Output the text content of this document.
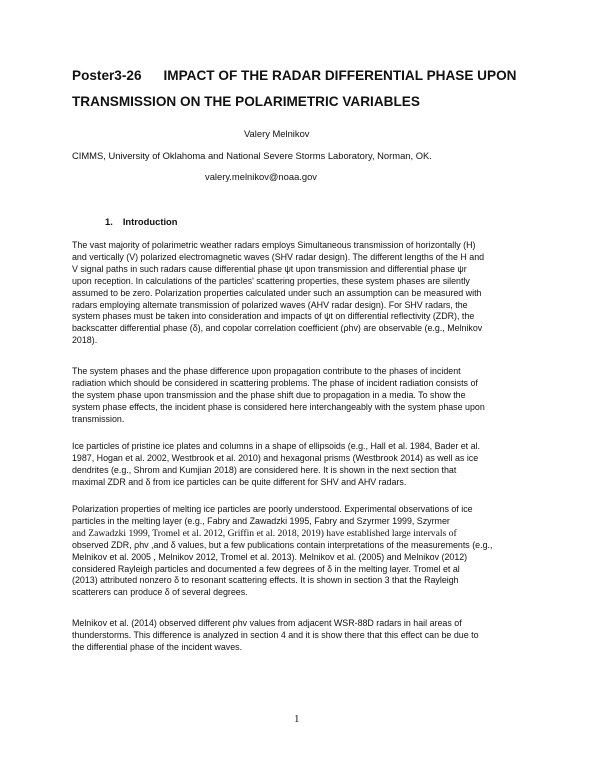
Poster3-26 IMPACT OF THE RADAR DIFFERENTIAL PHASE UPON
TRANSMISSION ON THE POLARIMETRIC VARIABLES
Valery Melnikov
CIMMS, University of Oklahoma and National Severe Storms Laboratory, Norman, OK.
valery.melnikov@noaa.gov
1. Introduction
The vast majority of polarimetric weather radars employs Simultaneous transmission of horizontally (H)
and vertically (V) polarized electromagnetic waves (SHV radar design). The different lengths of the H and
V signal paths in such radars cause differential phase ψt upon transmission and differential phase ψr
upon reception. In calculations of the particles' scattering properties, these system phases are silently
assumed to be zero. Polarization properties calculated under such an assumption can be measured with
radars employing alternate transmission of polarized waves (AHV radar design). For SHV radars, the
system phases must be taken into consideration and impacts of ψt on differential reflectivity (ZDR), the
backscatter differential phase (δ), and copolar correlation coefficient (ρhv) are observable (e.g., Melnikov
2018).
The system phases and the phase difference upon propagation contribute to the phases of incident
radiation which should be considered in scattering problems. The phase of incident radiation consists of
the system phase upon transmission and the phase shift due to propagation in a media. To show the
system phase effects, the incident phase is considered here interchangeably with the system phase upon
transmission.
Ice particles of pristine ice plates and columns in a shape of ellipsoids (e.g., Hall et al. 1984, Bader et al.
1987, Hogan et al. 2002, Westbrook et al. 2010) and hexagonal prisms (Westbrook 2014) as well as ice
dendrites (e.g., Shrom and Kumjian 2018) are considered here. It is shown in the next section that
maximal ZDR and δ from ice particles can be quite different for SHV and AHV radars.
Polarization properties of melting ice particles are poorly understood. Experimental observations of ice
particles in the melting layer (e.g., Fabry and Zawadzki 1995, Fabry and Szyrmer 1999, Szyrmer
and Zawadzki 1999, Tromel et al. 2012, Griffin et al. 2018, 2019) have established large intervals of
observed ZDR, ρhv ,and δ values, but a few publications contain interpretations of the measurements (e.g.,
Melnikov et al. 2005 , Melnikov 2012, Tromel et al. 2013). Melnikov et al. (2005) and Melnikov (2012)
considered Rayleigh particles and documented a few degrees of δ in the melting layer. Tromel et al
(2013) attributed nonzero δ to resonant scattering effects. It is shown in section 3 that the Rayleigh
scatterers can produce δ of several degrees.
Melnikov et al. (2014) observed different ρhv values from adjacent WSR-88D radars in hail areas of
thunderstorms. This difference is analyzed in section 4 and it is show there that this effect can be due to
the differential phase of the incident waves.
1
